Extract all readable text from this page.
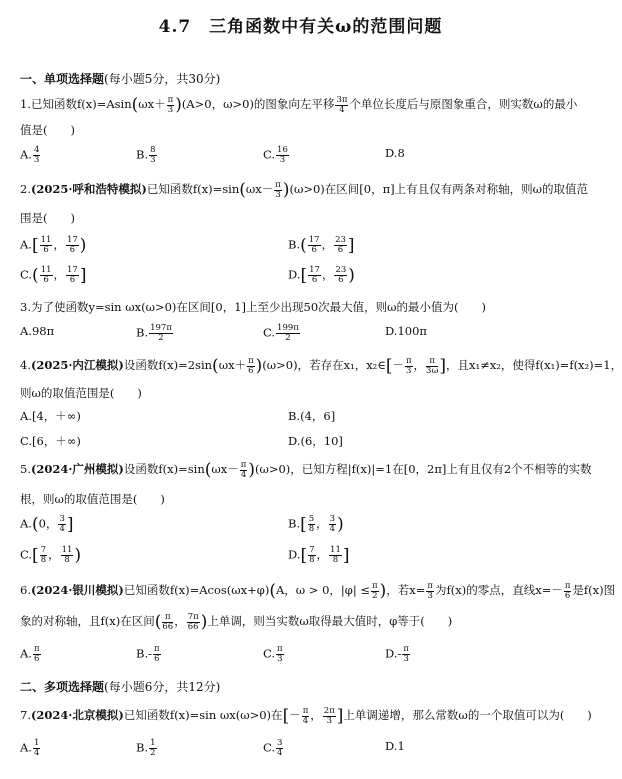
4.7　三角函数中有关ω的范围问题
一、单项选择题(每小题5分，共30分)
1.已知函数$f(x)=Asin(\omega x+ \frac{\pi}{3} )(A>0$，ω>0)的图象向左平移 $\frac{3\pi}{4}$ 个单位长度后与原图象重合，则实数ω的最小
值是(　　)
A. $\frac{4}{3}$	B. $\frac{8}{3}$	C. $\frac{16}{3}$	D.8
2.(2025·呼和浩特模拟)已知函数$f(x)=\sin(\omega x- \frac{\pi}{3} )(\omega>0)$在区间[0，π]上有且仅有两条对称轴，则ω的取值范
围是(　　)
$A.[ \frac{11}{6}$ ， $\frac{17}{6}$ )	$B.( \frac{17}{6}$ ， $\frac{23}{6}$ ]
$C.( \frac{11}{6}$ ， $\frac{17}{6}$ ]	$D.[ \frac{17}{6}$ ， $\frac{23}{6}$ )
3.为了使函数y=sin ωx(ω>0)在区间[0，1]上至少出现50次最大值，则ω的最小值为(　　)
A.98π	B. $\frac{197\pi}{2}$	C. $\frac{199\pi}{2}$	D.100π
4.(2025·内江模拟)设函数$f(x)=2\sin(\omega x+ \frac{\pi}{6} )(\omega>0)$，若存在x₁，x₂∈[－ $\frac{\pi}{3}$ ， $\frac{\pi}{3\omega}$ ]，且x₁≠x₂，使得f(x₁)=f(x₂)=1，
则ω的取值范围是(　　)
A.[4，＋∞)	B.(4，6]
C.[6，＋∞)	D.(6，10]
5.(2024·广州模拟)设函数$f(x)=\sin(\omega x- \frac{\pi}{4} )(\omega>0)$，已知方程|f(x)|=1在[0，2π]上有且仅有2个不相等的实数
根，则ω的取值范围是(　　)
A.(0， $\frac{3}{4}$ ]	$B.[ \frac{5}{8}$ ， $\frac{3}{4}$ )
$C.[ \frac{7}{8}$ ， $\frac{11}{8}$ )	$D.[ \frac{7}{8}$ ， $\frac{11}{8}$ ]
6.(2024·银川模拟)已知函数f(x)=Acos(ωx+φ)(A，ω > 0，$|\varphi| \le \frac{\pi}{2}$ )，若$x= \frac{\pi}{3}$ 为f(x)的零点，直线$x=- \frac{\pi}{6}$ 是f(x)图
象的对称轴，且f(x)在区间( $\frac{\pi}{66}$ ， $\frac{7\pi}{66}$ )上单调，则当实数ω取得最大值时，φ等于(　　)
A. $\frac{\pi}{6}$	$B.- \frac{\pi}{6}$	C. $\frac{\pi}{3}$	$D.- \frac{\pi}{3}$
二、多项选择题(每小题6分，共12分)
7.(2024·北京模拟)已知函数f(x)=sin ωx(ω>0)在[－ $\frac{\pi}{4}$ ， $\frac{2\pi}{3}$ ]上单调递增，那么常数ω的一个取值可以为(　　)
A. $\frac{1}{4}$	B. $\frac{1}{2}$	C. $\frac{3}{4}$	D.1
